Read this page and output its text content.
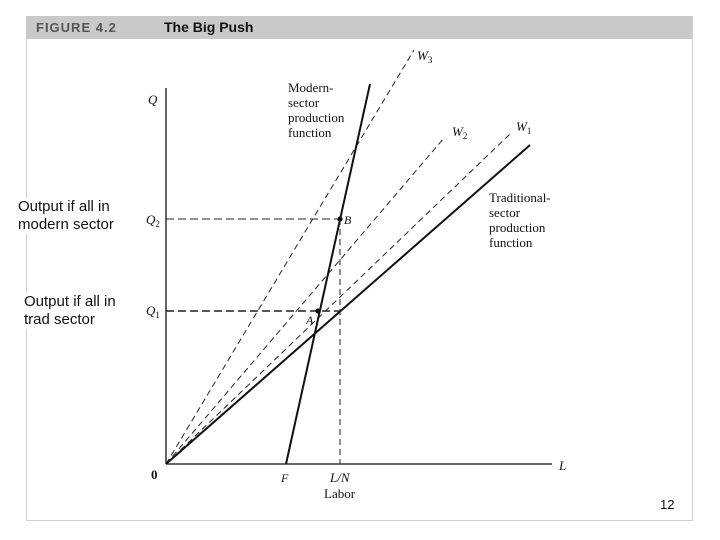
FIGURE 4.2	The Big Push
Q
L
0	F	L/N
Labor
$Q_2$
$Q_1$
B
A
$W_3$
$W_2$
$W_1$
Modern- sector production function
Traditional- sector production function
Output if all in
modern sector
Output if all in
trad sector
12
